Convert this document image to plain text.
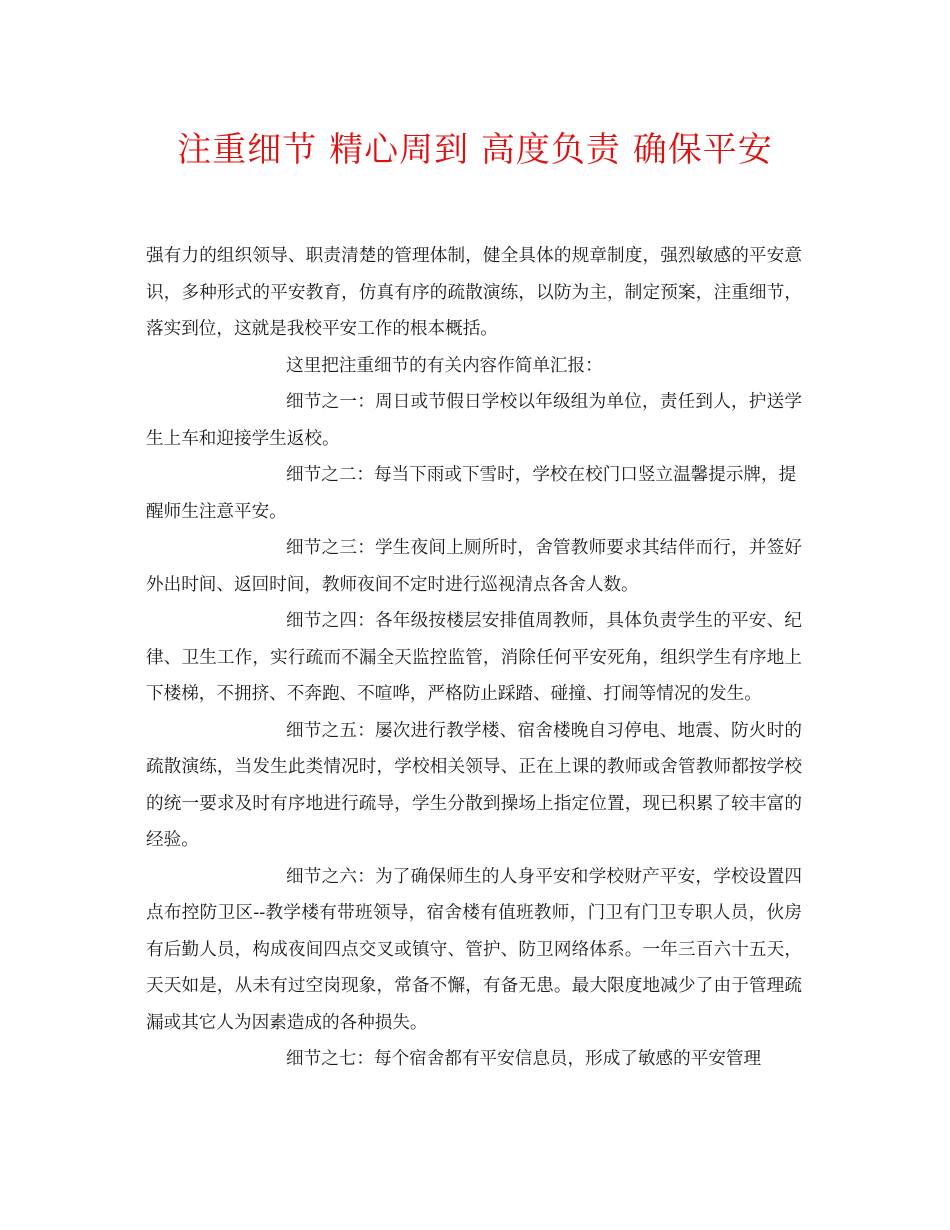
注重细节 精心周到 高度负责 确保平安

强有力的组织领导、职责清楚的管理体制，健全具体的规章制度，强烈敏感的平安意识，多种形式的平安教育，仿真有序的疏散演练，以防为主，制定预案，注重细节，落实到位，这就是我校平安工作的根本概括。

这里把注重细节的有关内容作简单汇报：

细节之一：周日或节假日学校以年级组为单位，责任到人，护送学生上车和迎接学生返校。

细节之二：每当下雨或下雪时，学校在校门口竖立温馨提示牌，提醒师生注意平安。

细节之三：学生夜间上厕所时，舍管教师要求其结伴而行，并签好外出时间、返回时间，教师夜间不定时进行巡视清点各舍人数。

细节之四：各年级按楼层安排值周教师，具体负责学生的平安、纪律、卫生工作，实行疏而不漏全天监控监管，消除任何平安死角，组织学生有序地上下楼梯，不拥挤、不奔跑、不喧哗，严格防止踩踏、碰撞、打闹等情况的发生。

细节之五：屡次进行教学楼、宿舍楼晚自习停电、地震、防火时的疏散演练，当发生此类情况时，学校相关领导、正在上课的教师或舍管教师都按学校的统一要求及时有序地进行疏导，学生分散到操场上指定位置，现已积累了较丰富的经验。

细节之六：为了确保师生的人身平安和学校财产平安，学校设置四点布控防卫区--教学楼有带班领导，宿舍楼有值班教师，门卫有门卫专职人员，伙房有后勤人员，构成夜间四点交叉或镇守、管护、防卫网络体系。一年三百六十五天，天天如是，从未有过空岗现象，常备不懈，有备无患。最大限度地减少了由于管理疏漏或其它人为因素造成的各种损失。

细节之七：每个宿舍都有平安信息员，形成了敏感的平安管理
